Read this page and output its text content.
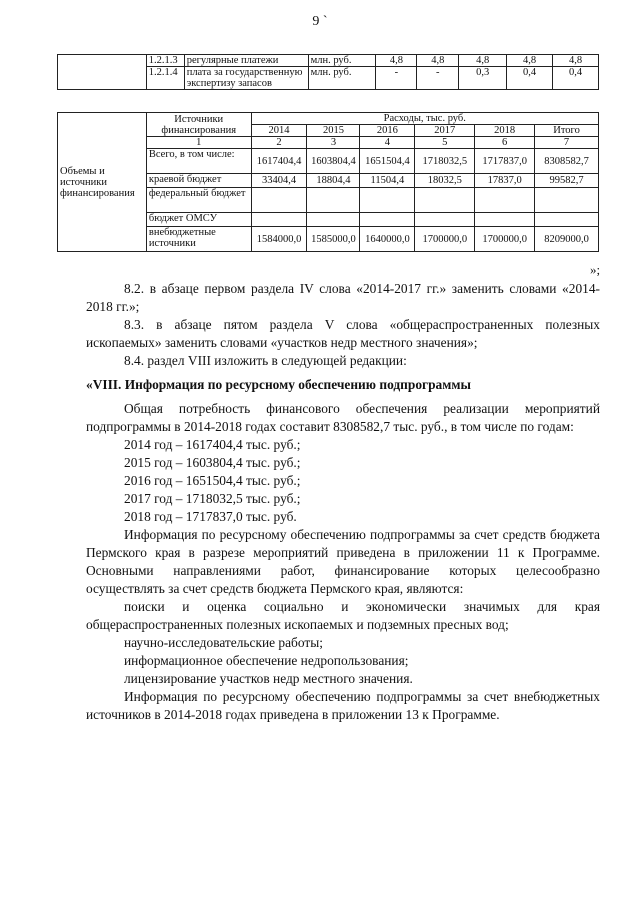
9 `
	1.2.1.3	регулярные платежи	млн. руб.	4,8	4,8	4,8	4,8	4,8
	1.2.1.4	плата за государственную экспертизу запасов	млн. руб.	-	-	0,3	0,4	0,4
Объемы и источники финансирования	Источники финансирования	Расходы, тыс. руб.					
		2014	2015	2016	2017	2018	Итого
	1	2	3	4	5	6	7
	Всего, в том числе:	1617404,4	1603804,4	1651504,4	1718032,5	1717837,0	8308582,7
	краевой бюджет	33404,4	18804,4	11504,4	18032,5	17837,0	99582,7
	федеральный бюджет						
	бюджет ОМСУ						
	внебюджетные источники	1584000,0	1585000,0	1640000,0	1700000,0	1700000,0	8209000,0
»;

8.2. в абзаце первом раздела IV слова «2014-2017 гг.» заменить словами «2014-2018 гг.»;

8.3. в абзаце пятом раздела V слова «общераспространенных полезных ископаемых» заменить словами «участков недр местного значения»;

8.4. раздел VIII изложить в следующей редакции:

«VIII. Информация по ресурсному обеспечению подпрограммы

Общая потребность финансового обеспечения реализации мероприятий подпрограммы в 2014-2018 годах составит 8308582,7 тыс. руб., в том числе по годам:

2014 год – 1617404,4 тыс. руб.;

2015 год – 1603804,4 тыс. руб.;

2016 год – 1651504,4 тыс. руб.;

2017 год – 1718032,5 тыс. руб.;

2018 год – 1717837,0 тыс. руб.

Информация по ресурсному обеспечению подпрограммы за счет средств бюджета Пермского края в разрезе мероприятий приведена в приложении 11 к Программе. Основными направлениями работ, финансирование которых целесообразно осуществлять за счет средств бюджета Пермского края, являются:

поиски и оценка социально и экономически значимых для края общераспространенных полезных ископаемых и подземных пресных вод;

научно-исследовательские работы;

информационное обеспечение недропользования;

лицензирование участков недр местного значения.

Информация по ресурсному обеспечению подпрограммы за счет внебюджетных источников в 2014-2018 годах приведена в приложении 13 к Программе.
